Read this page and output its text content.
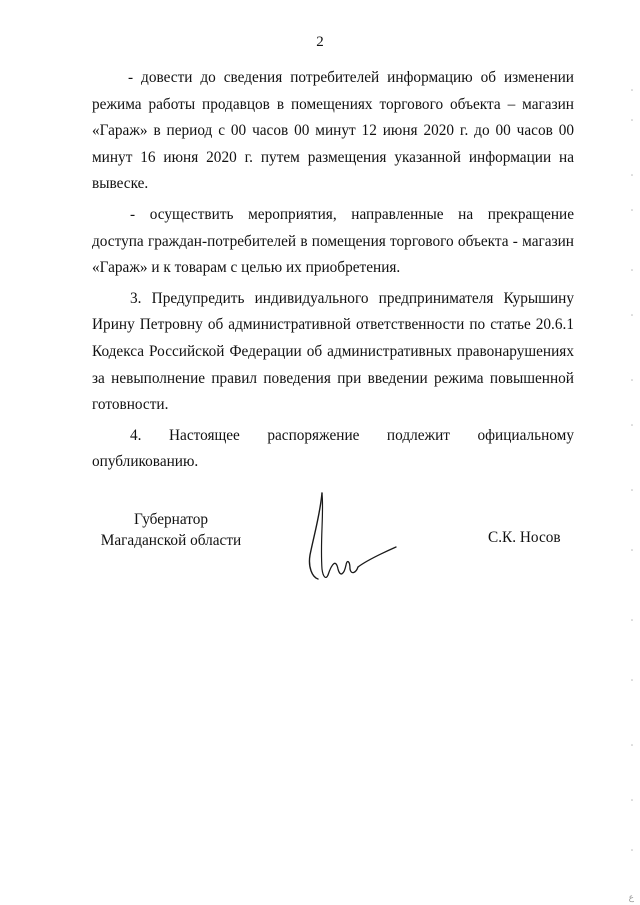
2

- довести до сведения потребителей информацию об изменении режима работы продавцов в помещениях торгового объекта – магазин «Гараж» в период с 00 часов 00 минут 12 июня 2020 г. до 00 часов 00 минут 16 июня 2020 г. путем размещения указанной информации на вывеске.

- осуществить мероприятия, направленные на прекращение доступа граждан-потребителей в помещения торгового объекта - магазин «Гараж» и к товарам с целью их приобретения.

3. Предупредить индивидуального предпринимателя Курышину Ирину Петровну об административной ответственности по статье 20.6.1 Кодекса Российской Федерации об административных правонарушениях за невыполнение правил поведения при введении режима повышенной готовности.

4. Настоящее распоряжение подлежит официальному опубликованию.

Губернатор
Магаданской области	С.К. Носов
ع
